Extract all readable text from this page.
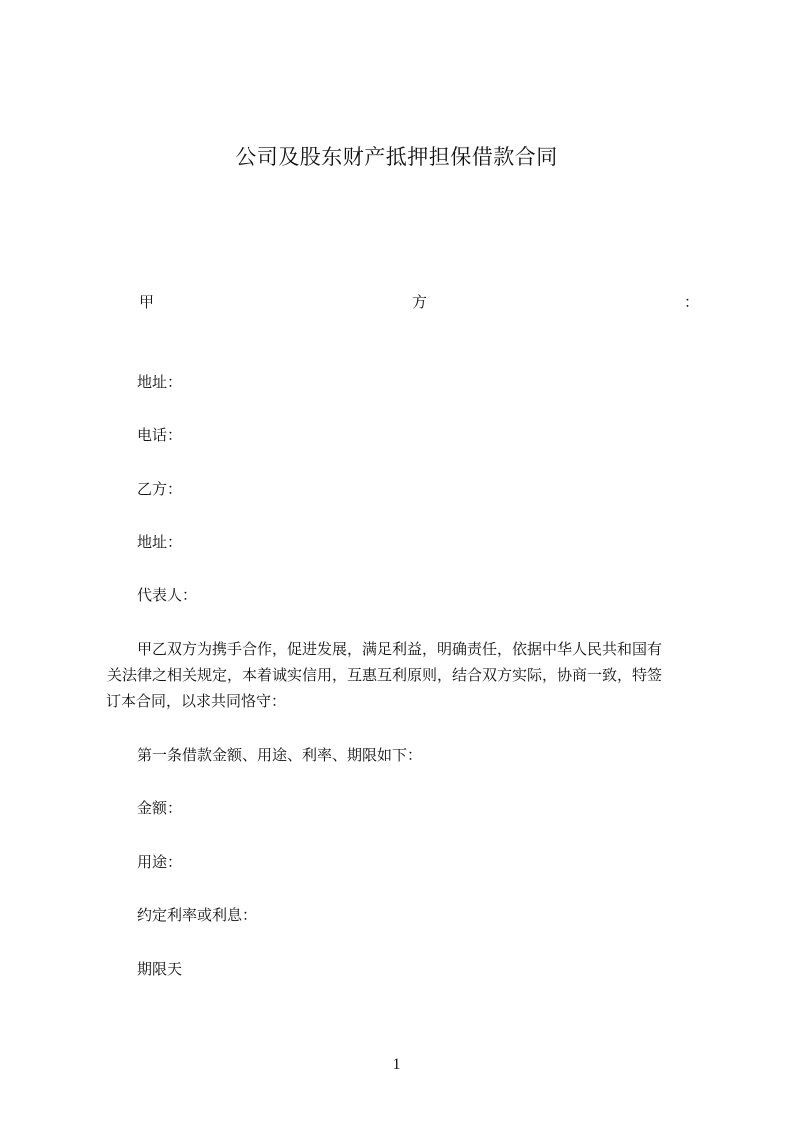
公司及股东财产抵押担保借款合同
甲	方	：
地址：
电话：
乙方：
地址：
代表人：
甲乙双方为携手合作，促进发展，满足利益，明确责任，依据中华人民共和国有
关法律之相关规定，本着诚实信用，互惠互利原则，结合双方实际，协商一致，特签
订本合同，以求共同恪守：
第一条借款金额、用途、利率、期限如下：
金额：
用途：
约定利率或利息：
期限天
1
